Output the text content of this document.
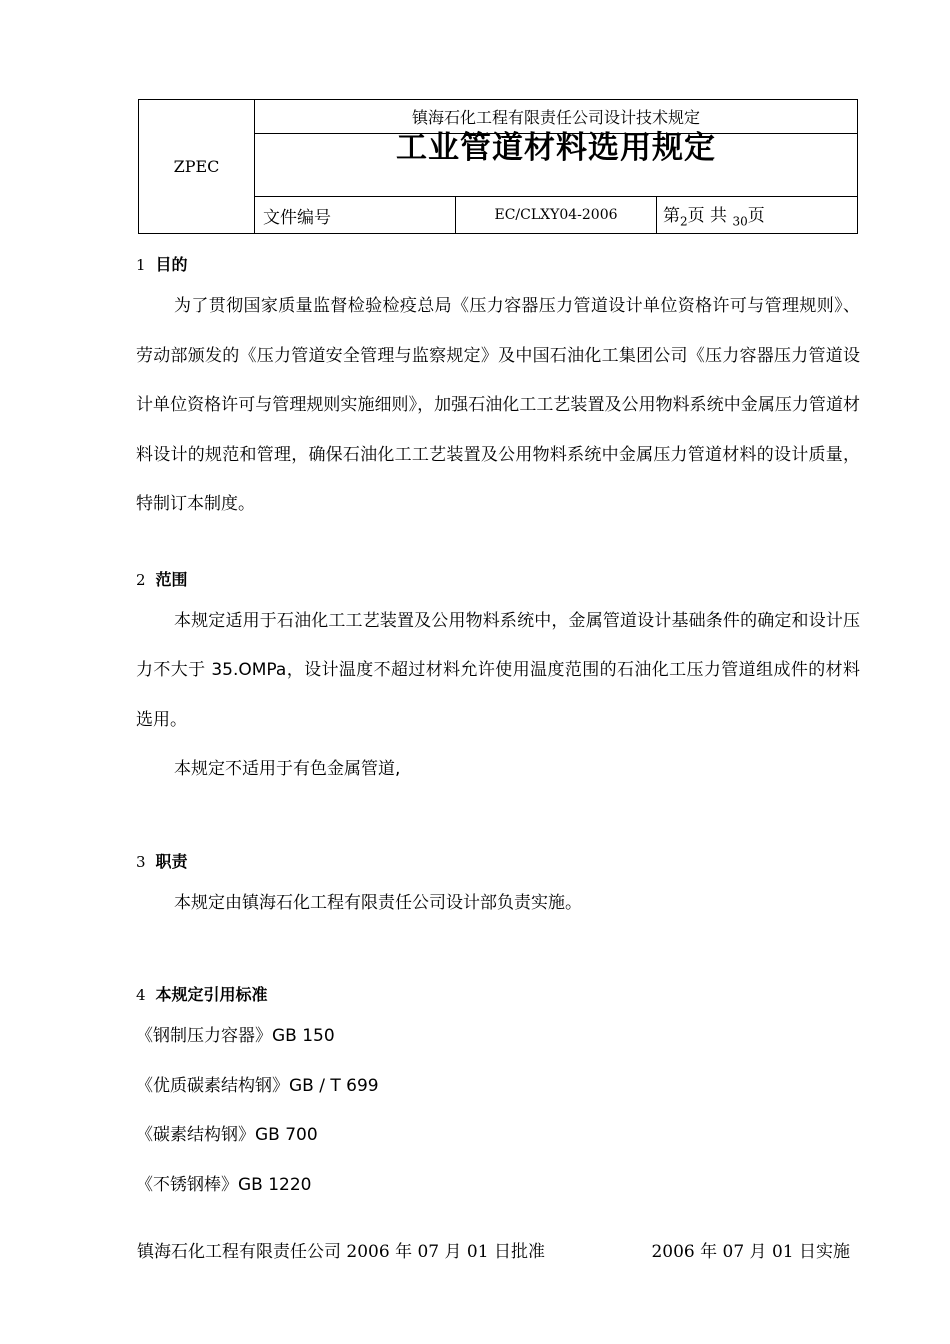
ZPEC	镇海石化工程有限责任公司设计技术规定		
	工业管道材料选用规定		
	文件编号	EC/CLXY04-2006	第$_2$页 共 $_{30}$页
1 目的

为了贯彻国家质量监督检验检疫总局《压力容器压力管道设计单位资格许可与管理规则》、劳动部颁发的《压力管道安全管理与监察规定》及中国石油化工集团公司《压力容器压力管道设计单位资格许可与管理规则实施细则》，加强石油化工工艺装置及公用物料系统中金属压力管道材料设计的规范和管理，确保石油化工工艺装置及公用物料系统中金属压力管道材料的设计质量，特制订本制度。

2 范围

本规定适用于石油化工工艺装置及公用物料系统中，金属管道设计基础条件的确定和设计压力不大于 35.OMPa，设计温度不超过材料允许使用温度范围的石油化工压力管道组成件的材料选用。

本规定不适用于有色金属管道,

3 职责

本规定由镇海石化工程有限责任公司设计部负责实施。

4 本规定引用标准

《钢制压力容器》GB 150

《优质碳素结构钢》GB / T 699

《碳素结构钢》GB 700

《不锈钢棒》GB 1220

镇海石化工程有限责任公司 2006 年 07 月 01 日批准	2006 年 07 月 01 日实施
